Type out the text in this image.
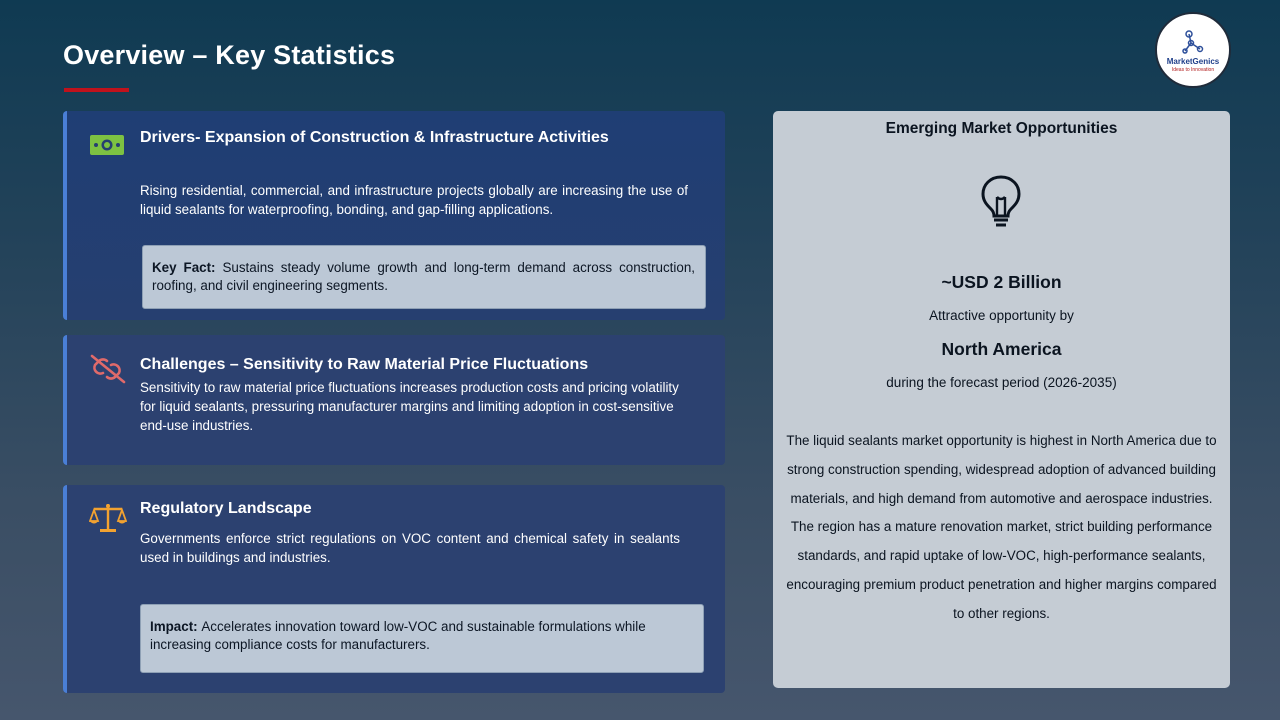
Overview – Key Statistics	MarketGenics
Ideas to Innovation
Drivers- Expansion of Construction & Infrastructure Activities
Rising residential, commercial, and infrastructure projects globally are increasing the use of liquid sealants for waterproofing, bonding, and gap-filling applications.
Key Fact: Sustains steady volume growth and long-term demand across construction, roofing, and civil engineering segments.
Challenges – Sensitivity to Raw Material Price Fluctuations
Sensitivity to raw material price fluctuations increases production costs and pricing volatility for liquid sealants, pressuring manufacturer margins and limiting adoption in cost-sensitive end-use industries.
Regulatory Landscape
Governments enforce strict regulations on VOC content and chemical safety in sealants used in buildings and industries.
Impact: Accelerates innovation toward low-VOC and sustainable formulations while increasing compliance costs for manufacturers.
Emerging Market Opportunities
~USD 2 Billion
Attractive opportunity by
North America
during the forecast period (2026-2035)
The liquid sealants market opportunity is highest in North America due to strong construction spending, widespread adoption of advanced building materials, and high demand from automotive and aerospace industries. The region has a mature renovation market, strict building performance standards, and rapid uptake of low-VOC, high-performance sealants, encouraging premium product penetration and higher margins compared to other regions.
